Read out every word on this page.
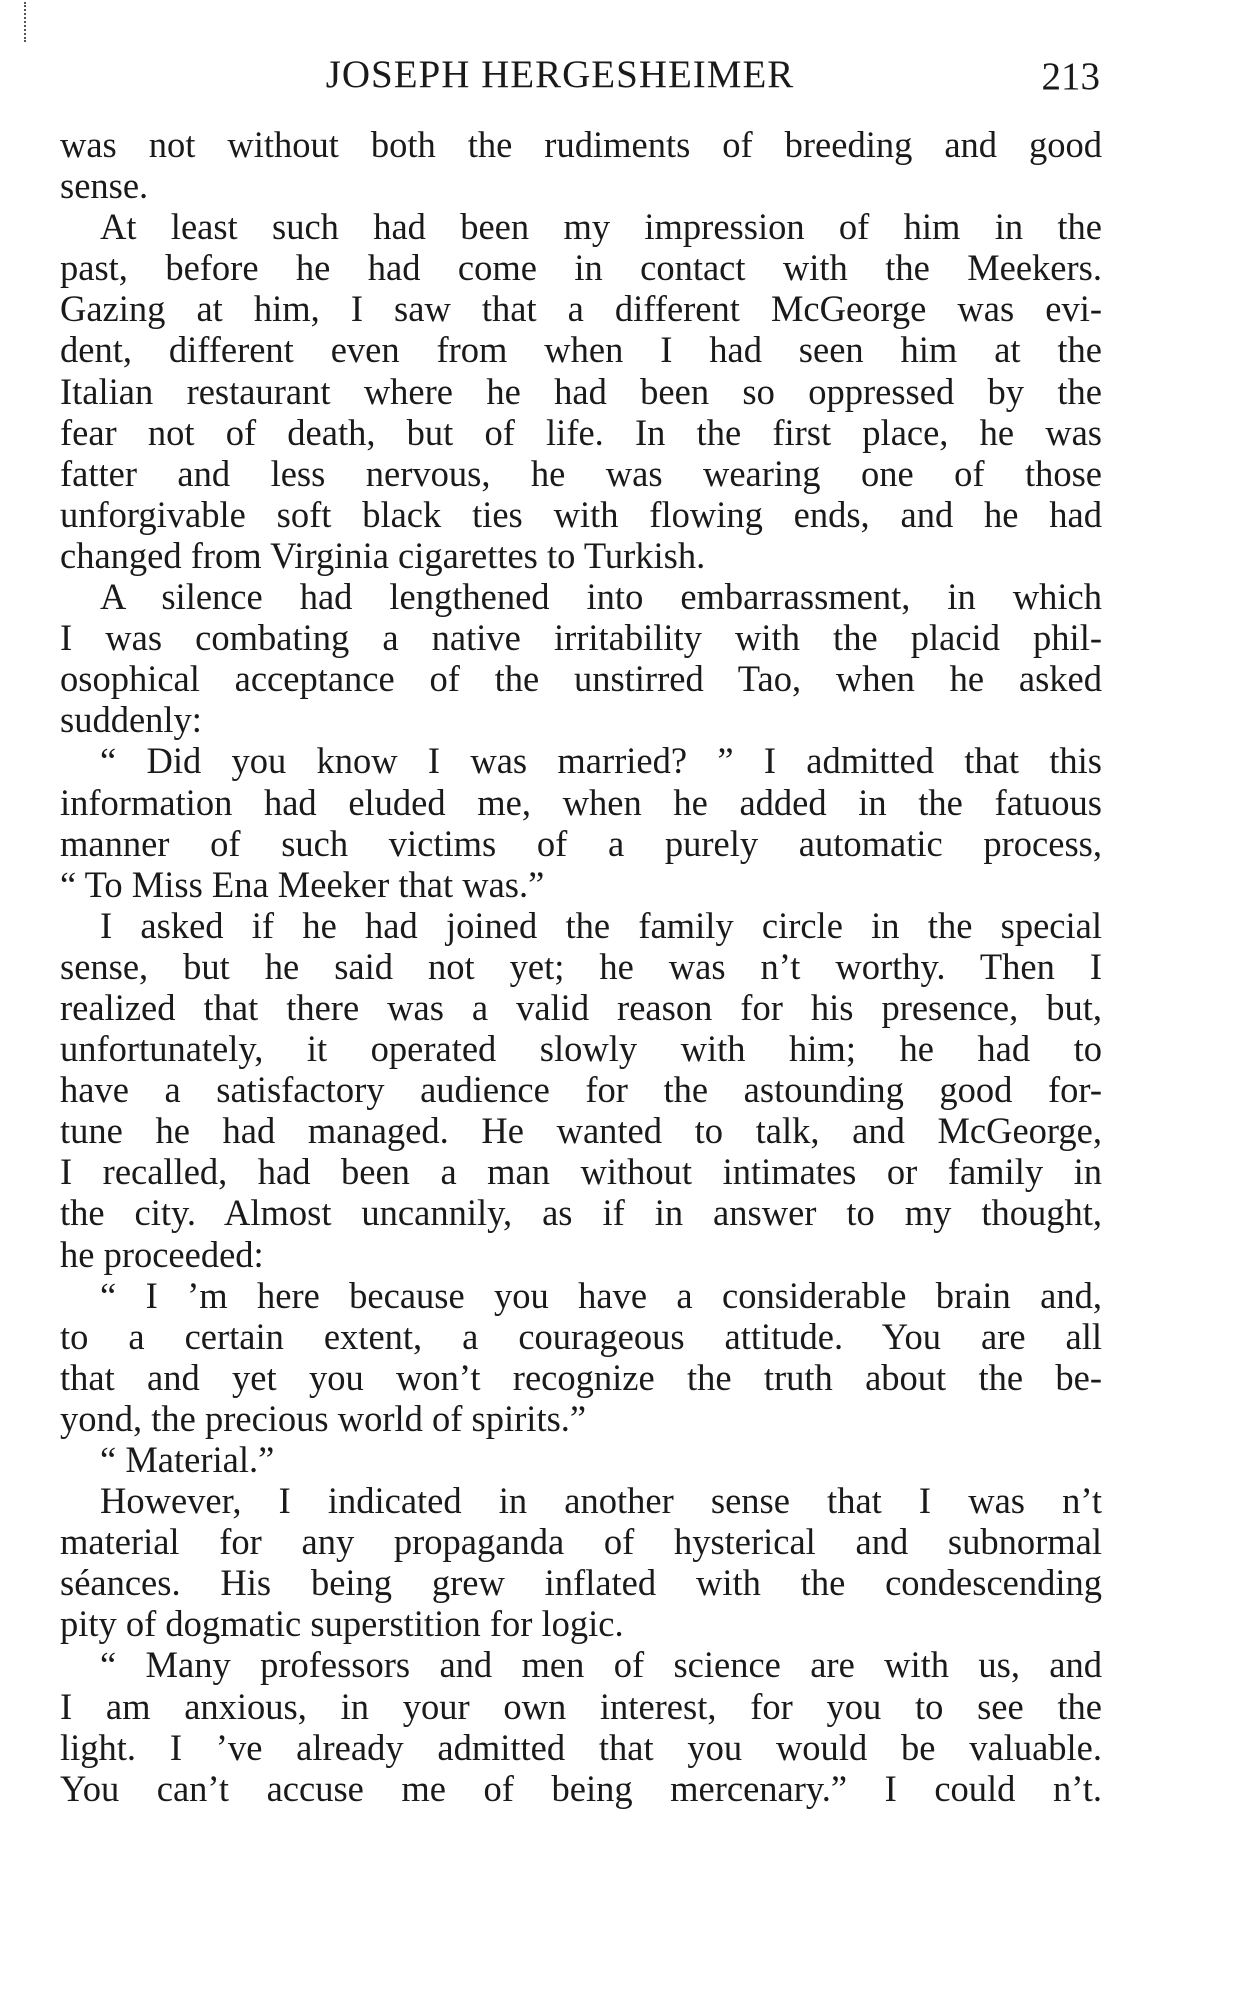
JOSEPH HERGESHEIMER	213
was not without both the rudiments of breeding and good
sense.
At least such had been my impression of him in the
past, before he had come in contact with the Meekers.
Gazing at him, I saw that a different McGeorge was evi-
dent, different even from when I had seen him at the
Italian restaurant where he had been so oppressed by the
fear not of death, but of life. In the first place, he was
fatter and less nervous, he was wearing one of those
unforgivable soft black ties with flowing ends, and he had
changed from Virginia cigarettes to Turkish.
A silence had lengthened into embarrassment, in which
I was combating a native irritability with the placid phil-
osophical acceptance of the unstirred Tao, when he asked
suddenly:
“ Did you know I was married? ” I admitted that this
information had eluded me, when he added in the fatuous
manner of such victims of a purely automatic process,
“ To Miss Ena Meeker that was.”
I asked if he had joined the family circle in the special
sense, but he said not yet; he was n’t worthy. Then I
realized that there was a valid reason for his presence, but,
unfortunately, it operated slowly with him; he had to
have a satisfactory audience for the astounding good for-
tune he had managed. He wanted to talk, and McGeorge,
I recalled, had been a man without intimates or family in
the city. Almost uncannily, as if in answer to my thought,
he proceeded:
“ I ’m here because you have a considerable brain and,
to a certain extent, a courageous attitude. You are all
that and yet you won’t recognize the truth about the be-
yond, the precious world of spirits.”
“ Material.”
However, I indicated in another sense that I was n’t
material for any propaganda of hysterical and subnormal
séances. His being grew inflated with the condescending
pity of dogmatic superstition for logic.
“ Many professors and men of science are with us, and
I am anxious, in your own interest, for you to see the
light. I ’ve already admitted that you would be valuable.
You can’t accuse me of being mercenary.” I could n’t.
